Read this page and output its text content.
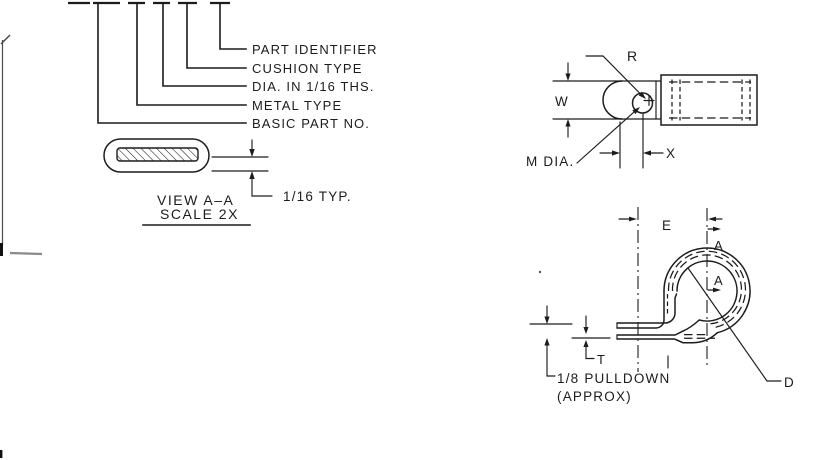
PART IDENTIFIER
CUSHION TYPE
DIA. IN 1/16 THS.
METAL TYPE
BASIC PART NO.
1/16 TYP.
VIEW A–A
SCALE 2X
W
R
M DIA.
X
E
A
A
T
1/8 PULLDOWN
(APPROX)
D
